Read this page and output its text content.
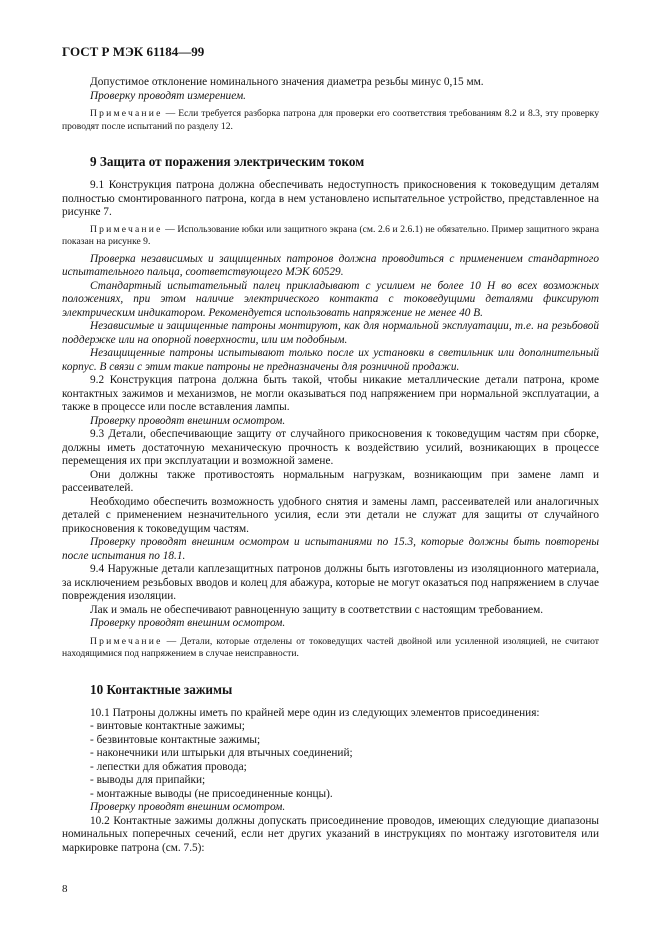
ГОСТ Р МЭК 61184—99

Допустимое отклонение номинального значения диаметра резьбы минус 0,15 мм.

Проверку проводят измерением.

Примечание — Если требуется разборка патрона для проверки его соответствия требованиям 8.2 и 8.3, эту проверку проводят после испытаний по разделу 12.

9 Защита от поражения электрическим током

9.1 Конструкция патрона должна обеспечивать недоступность прикосновения к токоведущим деталям полностью смонтированного патрона, когда в нем установлено испытательное устройство, представленное на рисунке 7.

Примечание — Использование юбки или защитного экрана (см. 2.6 и 2.6.1) не обязательно. Пример защитного экрана показан на рисунке 9.

Проверка независимых и защищенных патронов должна проводиться с применением стандартного испытательного пальца, соответствующего МЭК 60529.

Стандартный испытательный палец прикладывают с усилием не более 10 Н во всех возможных положениях, при этом наличие электрического контакта с токоведущими деталями фиксируют электрическим индикатором. Рекомендуется использовать напряжение не менее 40 В.

Независимые и защищенные патроны монтируют, как для нормальной эксплуатации, т.е. на резьбовой поддержке или на опорной поверхности, или им подобным.

Незащищенные патроны испытывают только после их установки в светильник или дополнительный корпус. В связи с этим такие патроны не предназначены для розничной продажи.

9.2 Конструкция патрона должна быть такой, чтобы никакие металлические детали патрона, кроме контактных зажимов и механизмов, не могли оказываться под напряжением при нормальной эксплуатации, а также в процессе или после вставления лампы.

Проверку проводят внешним осмотром.

9.3 Детали, обеспечивающие защиту от случайного прикосновения к токоведущим частям при сборке, должны иметь достаточную механическую прочность к воздействию усилий, возникающих в процессе перемещения их при эксплуатации и возможной замене.

Они должны также противостоять нормальным нагрузкам, возникающим при замене ламп и рассеивателей.

Необходимо обеспечить возможность удобного снятия и замены ламп, рассеивателей или аналогичных деталей с применением незначительного усилия, если эти детали не служат для защиты от случайного прикосновения к токоведущим частям.

Проверку проводят внешним осмотром и испытаниями по 15.3, которые должны быть повторены после испытания по 18.1.

9.4 Наружные детали каплезащитных патронов должны быть изготовлены из изоляционного материала, за исключением резьбовых вводов и колец для абажура, которые не могут оказаться под напряжением в случае повреждения изоляции.

Лак и эмаль не обеспечивают равноценную защиту в соответствии с настоящим требованием.

Проверку проводят внешним осмотром.

Примечание — Детали, которые отделены от токоведущих частей двойной или усиленной изоляцией, не считают находящимися под напряжением в случае неисправности.

10 Контактные зажимы

10.1 Патроны должны иметь по крайней мере один из следующих элементов присоединения:

- винтовые контактные зажимы;

- безвинтовые контактные зажимы;

- наконечники или штырьки для втычных соединений;

- лепестки для обжатия провода;

- выводы для припайки;

- монтажные выводы (не присоединенные концы).

Проверку проводят внешним осмотром.

10.2 Контактные зажимы должны допускать присоединение проводов, имеющих следующие диапазоны номинальных поперечных сечений, если нет других указаний в инструкциях по монтажу изготовителя или маркировке патрона (см. 7.5):

8
